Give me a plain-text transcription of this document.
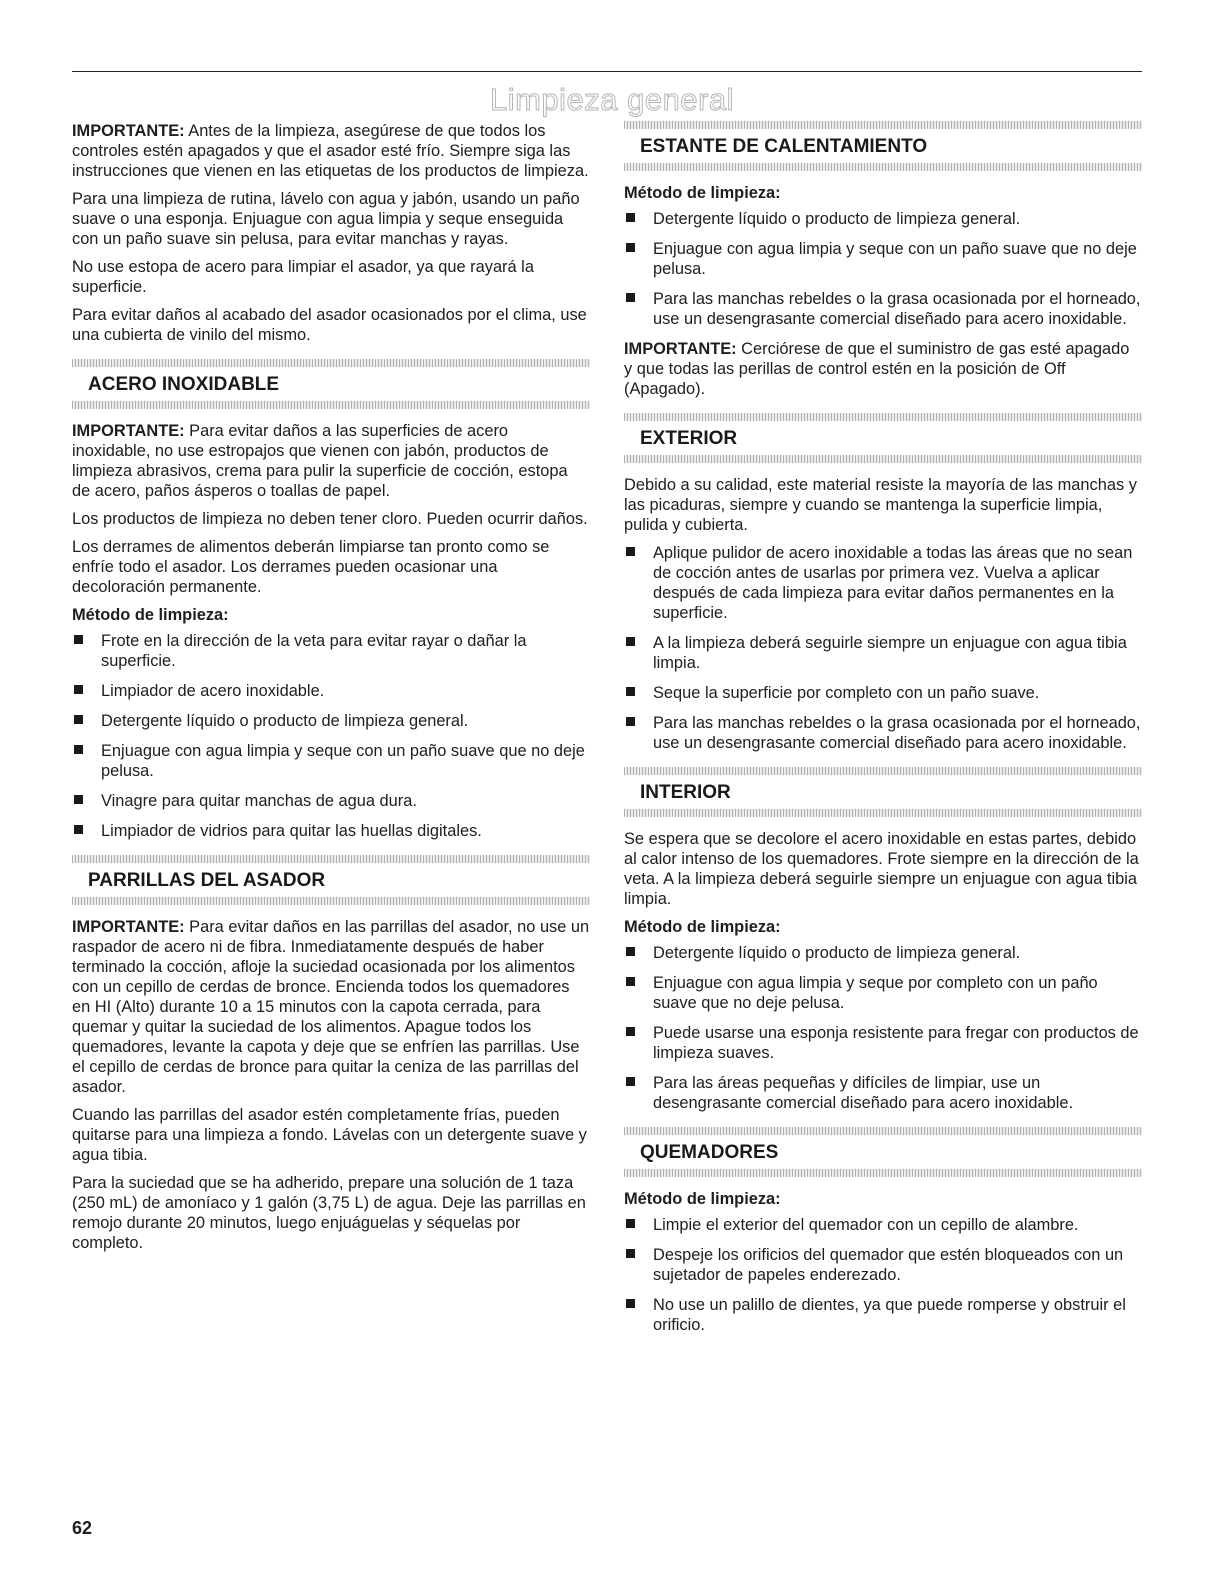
Limpieza general

IMPORTANTE: Antes de la limpieza, asegúrese de que todos los controles estén apagados y que el asador esté frío. Siempre siga las instrucciones que vienen en las etiquetas de los productos de limpieza.

Para una limpieza de rutina, lávelo con agua y jabón, usando un paño suave o una esponja. Enjuague con agua limpia y seque enseguida con un paño suave sin pelusa, para evitar manchas y rayas.

No use estopa de acero para limpiar el asador, ya que rayará la superficie.

Para evitar daños al acabado del asador ocasionados por el clima, use una cubierta de vinilo del mismo.

ACERO INOXIDABLE

IMPORTANTE: Para evitar daños a las superficies de acero inoxidable, no use estropajos que vienen con jabón, productos de limpieza abrasivos, crema para pulir la superficie de cocción, estopa de acero, paños ásperos o toallas de papel.

Los productos de limpieza no deben tener cloro. Pueden ocurrir daños.

Los derrames de alimentos deberán limpiarse tan pronto como se enfríe todo el asador. Los derrames pueden ocasionar una decoloración permanente.

Método de limpieza:

Frote en la dirección de la veta para evitar rayar o dañar la superficie.
Limpiador de acero inoxidable.
Detergente líquido o producto de limpieza general.
Enjuague con agua limpia y seque con un paño suave que no deje pelusa.
Vinagre para quitar manchas de agua dura.
Limpiador de vidrios para quitar las huellas digitales.
PARRILLAS DEL ASADOR

IMPORTANTE: Para evitar daños en las parrillas del asador, no use un raspador de acero ni de fibra. Inmediatamente después de haber terminado la cocción, afloje la suciedad ocasionada por los alimentos con un cepillo de cerdas de bronce. Encienda todos los quemadores en HI (Alto) durante 10 a 15 minutos con la capota cerrada, para quemar y quitar la suciedad de los alimentos. Apague todos los quemadores, levante la capota y deje que se enfríen las parrillas. Use el cepillo de cerdas de bronce para quitar la ceniza de las parrillas del asador.

Cuando las parrillas del asador estén completamente frías, pueden quitarse para una limpieza a fondo. Lávelas con un detergente suave y agua tibia.

Para la suciedad que se ha adherido, prepare una solución de 1 taza (250 mL) de amoníaco y 1 galón (3,75 L) de agua. Deje las parrillas en remojo durante 20 minutos, luego enjuáguelas y séquelas por completo.

ESTANTE DE CALENTAMIENTO

Método de limpieza:

Detergente líquido o producto de limpieza general.
Enjuague con agua limpia y seque con un paño suave que no deje pelusa.
Para las manchas rebeldes o la grasa ocasionada por el horneado, use un desengrasante comercial diseñado para acero inoxidable.

IMPORTANTE: Cerciórese de que el suministro de gas esté apagado y que todas las perillas de control estén en la posición de Off (Apagado).

EXTERIOR

Debido a su calidad, este material resiste la mayoría de las manchas y las picaduras, siempre y cuando se mantenga la superficie limpia, pulida y cubierta.

Aplique pulidor de acero inoxidable a todas las áreas que no sean de cocción antes de usarlas por primera vez. Vuelva a aplicar después de cada limpieza para evitar daños permanentes en la superficie.
A la limpieza deberá seguirle siempre un enjuague con agua tibia limpia.
Seque la superficie por completo con un paño suave.
Para las manchas rebeldes o la grasa ocasionada por el horneado, use un desengrasante comercial diseñado para acero inoxidable.
INTERIOR

Se espera que se decolore el acero inoxidable en estas partes, debido al calor intenso de los quemadores. Frote siempre en la dirección de la veta. A la limpieza deberá seguirle siempre un enjuague con agua tibia limpia.

Método de limpieza:

Detergente líquido o producto de limpieza general.
Enjuague con agua limpia y seque por completo con un paño suave que no deje pelusa.
Puede usarse una esponja resistente para fregar con productos de limpieza suaves.
Para las áreas pequeñas y difíciles de limpiar, use un desengrasante comercial diseñado para acero inoxidable.
QUEMADORES

Método de limpieza:

Limpie el exterior del quemador con un cepillo de alambre.
Despeje los orificios del quemador que estén bloqueados con un sujetador de papeles enderezado.
No use un palillo de dientes, ya que puede romperse y obstruir el orificio.
62
